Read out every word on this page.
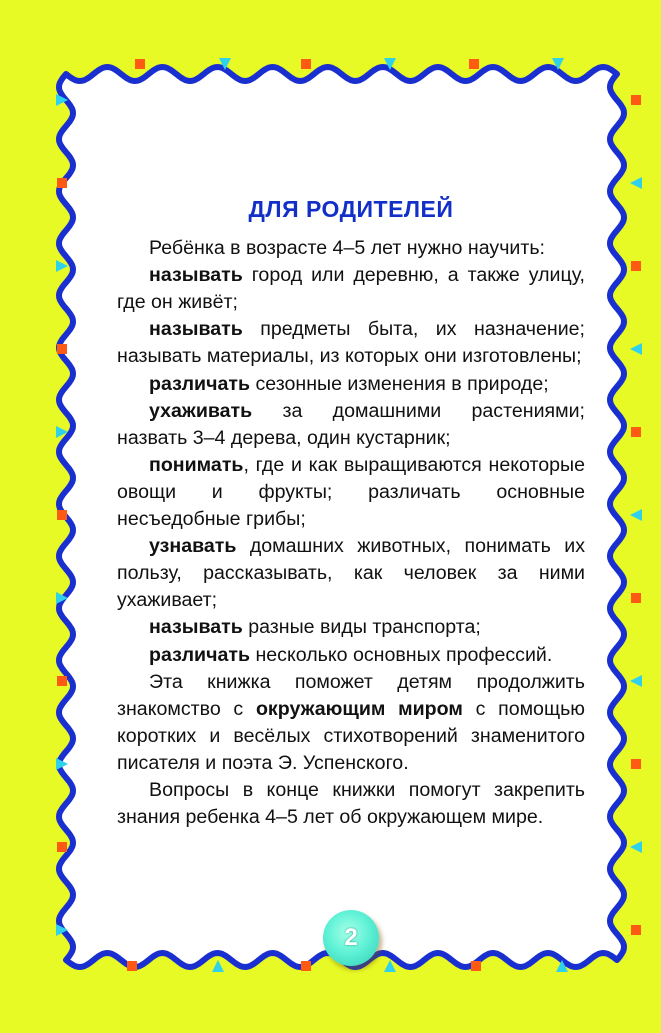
ДЛЯ РОДИТЕЛЕЙ

Ребёнка в возрасте 4–5 лет нужно научить:

называть город или деревню, а также улицу, где он живёт;

называть предметы быта, их назначение; называть материалы, из которых они изготовлены;

различать сезонные изменения в природе;

ухаживать за домашними растениями; назвать 3–4 дерева, один кустарник;

понимать, где и как выращиваются некоторые овощи и фрукты; различать основные несъедобные грибы;

узнавать домашних животных, понимать их пользу, рассказывать, как человек за ними ухаживает;

называть разные виды транспорта;

различать несколько основных профессий.

Эта книжка поможет детям продолжить знакомство с окружающим миром с помощью коротких и весёлых стихотворений знаменитого писателя и поэта Э. Успенского.

Вопросы в конце книжки помогут закрепить знания ребенка 4–5 лет об окружающем мире.

2
